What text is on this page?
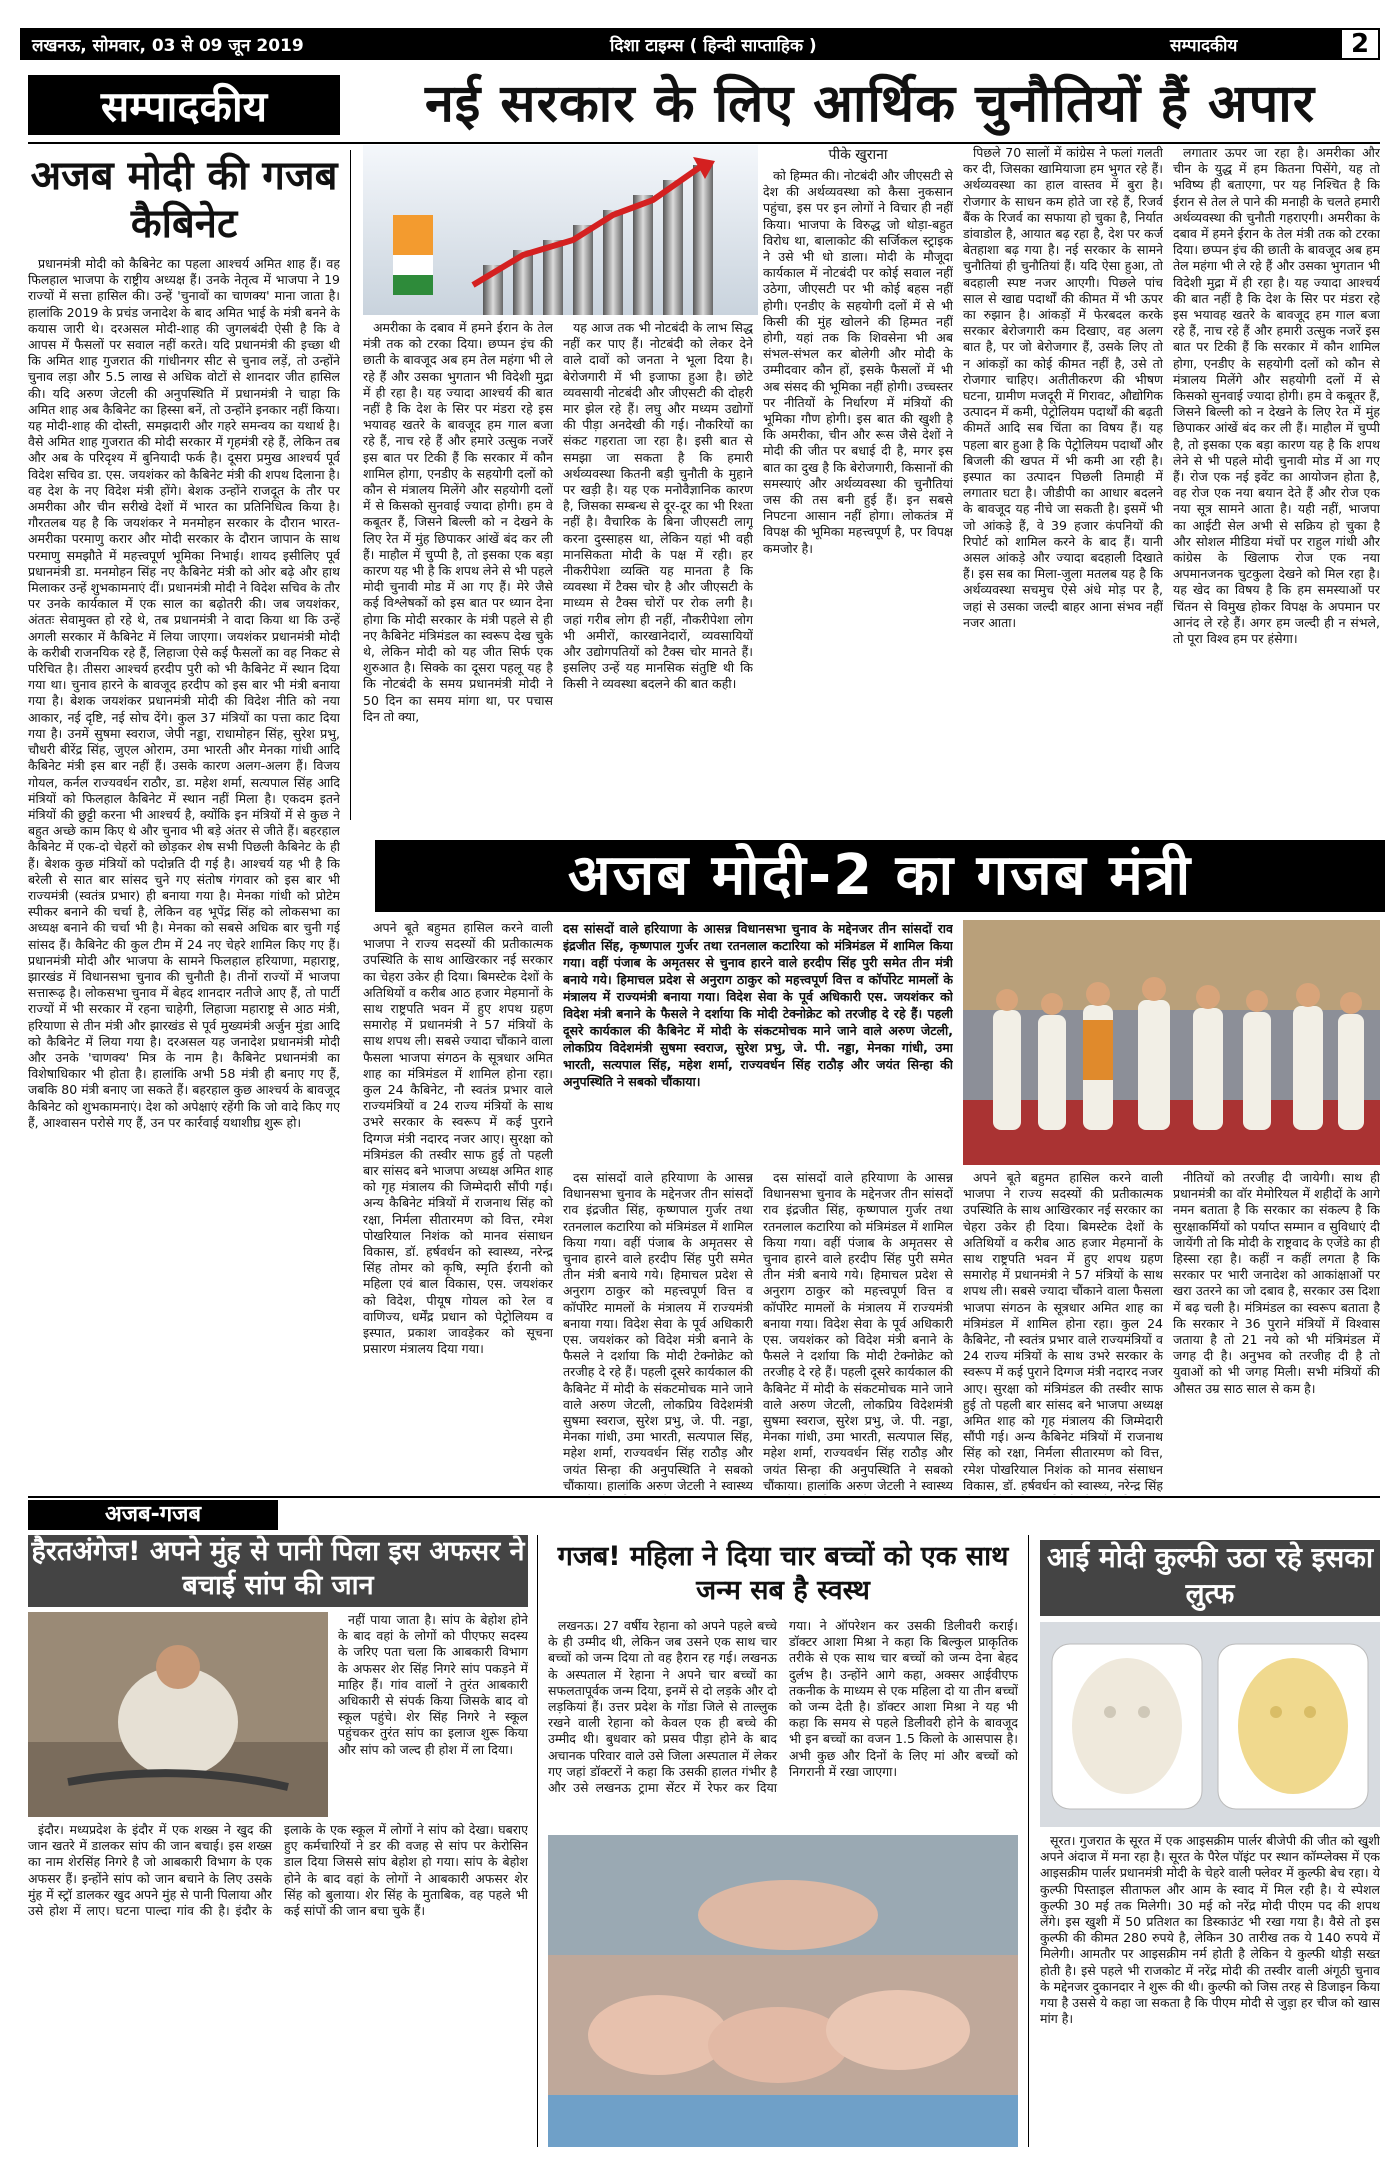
लखनऊ, सोमवार, 03 से 09 जून 2019	दिशा टाइम्स ( हिन्दी साप्ताहिक )	सम्पादकीय	2
सम्पादकीय	नई सरकार के लिए आर्थिक चुनौतियों हैं अपार
अजब मोदी की गजब कैबिनेट

प्रधानमंत्री मोदी को कैबिनेट का पहला आश्चर्य अमित शाह हैं। वह फिलहाल भाजपा के राष्ट्रीय अध्यक्ष हैं। उनके नेतृत्व में भाजपा ने 19 राज्यों में सत्ता हासिल की। उन्हें 'चुनावों का चाणक्य' माना जाता है। हालांकि 2019 के प्रचंड जनादेश के बाद अमित भाई के मंत्री बनने के कयास जारी थे। दरअसल मोदी-शाह की जुगलबंदी ऐसी है कि वे आपस में फैसलों पर सवाल नहीं करते। यदि प्रधानमंत्री की इच्छा थी कि अमित शाह गुजरात की गांधीनगर सीट से चुनाव लड़ें, तो उन्होंने चुनाव लड़ा और 5.5 लाख से अधिक वोटों से शानदार जीत हासिल की। यदि अरुण जेटली की अनुपस्थिति में प्रधानमंत्री ने चाहा कि अमित शाह अब कैबिनेट का हिस्सा बनें, तो उन्होंने इनकार नहीं किया। यह मोदी-शाह की दोस्ती, समझदारी और गहरे समन्वय का यथार्थ है। वैसे अमित शाह गुजरात की मोदी सरकार में गृहमंत्री रहे हैं, लेकिन तब और अब के परिदृश्य में बुनियादी फर्क है। दूसरा प्रमुख आश्चर्य पूर्व विदेश सचिव डा. एस. जयशंकर को कैबिनेट मंत्री की शपथ दिलाना है। वह देश के नए विदेश मंत्री होंगे। बेशक उन्होंने राजदूत के तौर पर अमरीका और चीन सरीखे देशों में भारत का प्रतिनिधित्व किया है। गौरतलब यह है कि जयशंकर ने मनमोहन सरकार के दौरान भारत-अमरीका परमाणु करार और मोदी सरकार के दौरान जापान के साथ परमाणु समझौते में महत्त्वपूर्ण भूमिका निभाई। शायद इसीलिए पूर्व प्रधानमंत्री डा. मनमोहन सिंह नए कैबिनेट मंत्री को ओर बढ़े और हाथ मिलाकर उन्हें शुभकामनाएं दीं। प्रधानमंत्री मोदी ने विदेश सचिव के तौर पर उनके कार्यकाल में एक साल का बढ़ोतरी की। जब जयशंकर, अंततः सेवामुक्त हो रहे थे, तब प्रधानमंत्री ने वादा किया था कि उन्हें अगली सरकार में कैबिनेट में लिया जाएगा। जयशंकर प्रधानमंत्री मोदी के करीबी राजनयिक रहे हैं, लिहाजा ऐसे कई फैसलों का वह निकट से परिचित है। तीसरा आश्चर्य हरदीप पुरी को भी कैबिनेट में स्थान दिया गया था। चुनाव हारने के बावजूद हरदीप को इस बार भी मंत्री बनाया गया है। बेशक जयशंकर प्रधानमंत्री मोदी की विदेश नीति को नया आकार, नई दृष्टि, नई सोच देंगे। कुल 37 मंत्रियों का पत्ता काट दिया गया है। उनमें सुषमा स्वराज, जेपी नड्डा, राधामोहन सिंह, सुरेश प्रभु, चौधरी बीरेंद्र सिंह, जुएल ओराम, उमा भारती और मेनका गांधी आदि कैबिनेट मंत्री इस बार नहीं हैं। उसके कारण अलग-अलग हैं। विजय गोयल, कर्नल राज्यवर्धन राठौर, डा. महेश शर्मा, सत्यपाल सिंह आदि मंत्रियों को फिलहाल कैबिनेट में स्थान नहीं मिला है। एकदम इतने मंत्रियों की छुट्टी करना भी आश्चर्य है, क्योंकि इन मंत्रियों में से कुछ ने बहुत अच्छे काम किए थे और चुनाव भी बड़े अंतर से जीते हैं। बहरहाल कैबिनेट में एक-दो चेहरों को छोड़कर शेष सभी पिछली कैबिनेट के ही हैं। बेशक कुछ मंत्रियों को पदोन्नति दी गई है। आश्चर्य यह भी है कि बरेली से सात बार सांसद चुने गए संतोष गंगवार को इस बार भी राज्यमंत्री (स्वतंत्र प्रभार) ही बनाया गया है। मेनका गांधी को प्रोटेम स्पीकर बनाने की चर्चा है, लेकिन वह भूपेंद्र सिंह को लोकसभा का अध्यक्ष बनाने की चर्चा भी है। मेनका को सबसे अधिक बार चुनी गई सांसद हैं। कैबिनेट की कुल टीम में 24 नए चेहरे शामिल किए गए हैं। प्रधानमंत्री मोदी और भाजपा के सामने फिलहाल हरियाणा, महाराष्ट्र, झारखंड में विधानसभा चुनाव की चुनौती है। तीनों राज्यों में भाजपा सत्तारूढ़ है। लोकसभा चुनाव में बेहद शानदार नतीजे आए हैं, तो पार्टी राज्यों में भी सरकार में रहना चाहेगी, लिहाजा महाराष्ट्र से आठ मंत्री, हरियाणा से तीन मंत्री और झारखंड से पूर्व मुख्यमंत्री अर्जुन मुंडा आदि को कैबिनेट में लिया गया है। दरअसल यह जनादेश प्रधानमंत्री मोदी और उनके 'चाणक्य' मित्र के नाम है। कैबिनेट प्रधानमंत्री का विशेषाधिकार भी होता है। हालांकि अभी 58 मंत्री ही बनाए गए हैं, जबकि 80 मंत्री बनाए जा सकते हैं। बहरहाल कुछ आश्चर्य के बावजूद कैबिनेट को शुभकामनाएं। देश को अपेक्षाएं रहेंगी कि जो वादे किए गए हैं, आश्वासन परोसे गए हैं, उन पर कार्रवाई यथाशीघ्र शुरू हो।

अमरीका के दबाव में हमने ईरान के तेल मंत्री तक को टरका दिया। छप्पन इंच की छाती के बावजूद अब हम तेल महंगा भी ले रहे हैं और उसका भुगतान भी विदेशी मुद्रा में ही रहा है। यह ज्यादा आश्चर्य की बात नहीं है कि देश के सिर पर मंडरा रहे इस भयावह खतरे के बावजूद हम गाल बजा रहे हैं, नाच रहे हैं और हमारे उत्सुक नजरें इस बात पर टिकी हैं कि सरकार में कौन शामिल होगा, एनडीए के सहयोगी दलों को कौन से मंत्रालय मिलेंगे और सहयोगी दलों में से किसको सुनवाई ज्यादा होगी। हम वे कबूतर हैं, जिसने बिल्ली को न देखने के लिए रेत में मुंह छिपाकर आंखें बंद कर ली हैं। माहौल में चुप्पी है, तो इसका एक बड़ा कारण यह भी है कि शपथ लेने से भी पहले मोदी चुनावी मोड में आ गए हैं। मेरे जैसे कई विश्लेषकों को इस बात पर ध्यान देना होगा कि मोदी सरकार के मंत्री पहले से ही नए कैबिनेट मंत्रिमंडल का स्वरूप देख चुके थे, लेकिन मोदी को यह जीत सिर्फ एक शुरुआत है। सिक्के का दूसरा पहलू यह है कि नोटबंदी के समय प्रधानमंत्री मोदी ने 50 दिन का समय मांगा था, पर पचास दिन तो क्या,

यह आज तक भी नोटबंदी के लाभ सिद्ध नहीं कर पाए हैं। नोटबंदी को लेकर देने वाले दावों को जनता ने भूला दिया है। बेरोजगारी में भी इजाफा हुआ है। छोटे व्यवसायी नोटबंदी और जीएसटी की दोहरी मार झेल रहे हैं। लघु और मध्यम उद्योगों की पीड़ा अनदेखी की गई। नौकरियों का संकट गहराता जा रहा है। इसी बात से समझा जा सकता है कि हमारी अर्थव्यवस्था कितनी बड़ी चुनौती के मुहाने पर खड़ी है। यह एक मनोवैज्ञानिक कारण है, जिसका सम्बन्ध से दूर-दूर का भी रिश्ता नहीं है। वैचारिक के बिना जीएसटी लागू करना दुस्साहस था, लेकिन यहां भी वही मानसिकता मोदी के पक्ष में रही। हर नीकरीपेशा व्यक्ति यह मानता है कि व्यवस्था में टैक्स चोर है और जीएसटी के माध्यम से टैक्स चोरों पर रोक लगी है। जहां गरीब लोग ही नहीं, नौकरीपेशा लोग भी अमीरों, कारखानेदारों, व्यवसायियों और उद्योगपतियों को टैक्स चोर मानते हैं। इसलिए उन्हें यह मानसिक संतुष्टि थी कि किसी ने व्यवस्था बदलने की बात कही।

पीके खुराना

को हिम्मत की। नोटबंदी और जीएसटी से देश की अर्थव्यवस्था को कैसा नुकसान पहुंचा, इस पर इन लोगों ने विचार ही नहीं किया। भाजपा के विरुद्ध जो थोड़ा-बहुत विरोध था, बालाकोट की सर्जिकल स्ट्राइक ने उसे भी धो डाला। मोदी के मौजूदा कार्यकाल में नोटबंदी पर कोई सवाल नहीं उठेगा, जीएसटी पर भी कोई बहस नहीं होगी। एनडीए के सहयोगी दलों में से भी किसी की मुंह खोलने की हिम्मत नहीं होगी, यहां तक कि शिवसेना भी अब संभल-संभल कर बोलेगी और मोदी के उम्मीदवार कौन हों, इसके फैसलों में भी अब संसद की भूमिका नहीं होगी। उच्चस्तर पर नीतियों के निर्धारण में मंत्रियों की भूमिका गौण होगी। इस बात की खुशी है कि अमरीका, चीन और रूस जैसे देशों ने मोदी की जीत पर बधाई दी है, मगर इस बात का दुख है कि बेरोजगारी, किसानों की समस्याएं और अर्थव्यवस्था की चुनौतियां जस की तस बनी हुई हैं। इन सबसे निपटना आसान नहीं होगा। लोकतंत्र में विपक्ष की भूमिका महत्त्वपूर्ण है, पर विपक्ष कमजोर है।

पिछले 70 सालों में कांग्रेस ने फलां गलती कर दी, जिसका खामियाजा हम भुगत रहे हैं। अर्थव्यवस्था का हाल वास्तव में बुरा है। रोजगार के साधन कम होते जा रहे हैं, रिजर्व बैंक के रिजर्व का सफाया हो चुका है, निर्यात डांवाडोल है, आयात बढ़ रहा है, देश पर कर्ज बेतहाशा बढ़ गया है। नई सरकार के सामने चुनौतियां ही चुनौतियां हैं। यदि ऐसा हुआ, तो बदहाली स्पष्ट नजर आएगी। पिछले पांच साल से खाद्य पदार्थों की कीमत में भी ऊपर का रुझान है। आंकड़ों में फेरबदल करके सरकार बेरोजगारी कम दिखाए, वह अलग बात है, पर जो बेरोजगार हैं, उसके लिए तो न आंकड़ों का कोई कीमत नहीं है, उसे तो रोजगार चाहिए। अतीतीकरण की भीषण घटना, ग्रामीण मजदूरी में गिरावट, औद्योगिक उत्पादन में कमी, पेट्रोलियम पदार्थों की बढ़ती कीमतें आदि सब चिंता का विषय हैं। यह पहला बार हुआ है कि पेट्रोलियम पदार्थों और बिजली की खपत में भी कमी आ रही है। इस्पात का उत्पादन पिछली तिमाही में लगातार घटा है। जीडीपी का आधार बदलने के बावजूद यह नीचे जा सकती है। इसमें भी जो आंकड़े हैं, वे 39 हजार कंपनियों की रिपोर्ट को शामिल करने के बाद हैं। यानी असल आंकड़े और ज्यादा बदहाली दिखाते हैं। इस सब का मिला-जुला मतलब यह है कि अर्थव्यवस्था सचमुच ऐसे अंधे मोड़ पर है, जहां से उसका जल्दी बाहर आना संभव नहीं नजर आता।

लगातार ऊपर जा रहा है। अमरीका और चीन के युद्ध में हम कितना पिसेंगे, यह तो भविष्य ही बताएगा, पर यह निश्चित है कि ईरान से तेल ले पाने की मनाही के चलते हमारी अर्थव्यवस्था की चुनौती गहराएगी। अमरीका के दबाव में हमने ईरान के तेल मंत्री तक को टरका दिया। छप्पन इंच की छाती के बावजूद अब हम तेल महंगा भी ले रहे हैं और उसका भुगतान भी विदेशी मुद्रा में ही रहा है। यह ज्यादा आश्चर्य की बात नहीं है कि देश के सिर पर मंडरा रहे इस भयावह खतरे के बावजूद हम गाल बजा रहे हैं, नाच रहे हैं और हमारी उत्सुक नजरें इस बात पर टिकी हैं कि सरकार में कौन शामिल होगा, एनडीए के सहयोगी दलों को कौन से मंत्रालय मिलेंगे और सहयोगी दलों में से किसको सुनवाई ज्यादा होगी। हम वे कबूतर हैं, जिसने बिल्ली को न देखने के लिए रेत में मुंह छिपाकर आंखें बंद कर ली हैं। माहौल में चुप्पी है, तो इसका एक बड़ा कारण यह है कि शपथ लेने से भी पहले मोदी चुनावी मोड में आ गए हैं। रोज एक नई इवेंट का आयोजन होता है, वह रोज एक नया बयान देते हैं और रोज एक नया सूत्र सामने आता है। यही नहीं, भाजपा का आईटी सेल अभी से सक्रिय हो चुका है और सोशल मीडिया मंचों पर राहुल गांधी और कांग्रेस के खिलाफ रोज एक नया अपमानजनक चुटकुला देखने को मिल रहा है। यह खेद का विषय है कि हम समस्याओं पर चिंतन से विमुख होकर विपक्ष के अपमान पर आनंद ले रहे हैं। अगर हम जल्दी ही न संभले, तो पूरा विश्व हम पर हंसेगा।

अजब मोदी-2 का गजब मंत्री

अपने बूते बहुमत हासिल करने वाली भाजपा ने राज्य सदस्यों की प्रतीकात्मक उपस्थिति के साथ आखिरकार नई सरकार का चेहरा उकेर ही दिया। बिमस्टेक देशों के अतिथियों व करीब आठ हजार मेहमानों के साथ राष्ट्रपति भवन में हुए शपथ ग्रहण समारोह में प्रधानमंत्री ने 57 मंत्रियों के साथ शपथ ली। सबसे ज्यादा चौंकाने वाला फैसला भाजपा संगठन के सूत्रधार अमित शाह का मंत्रिमंडल में शामिल होना रहा। कुल 24 कैबिनेट, नौ स्वतंत्र प्रभार वाले राज्यमंत्रियों व 24 राज्य मंत्रियों के साथ उभरे सरकार के स्वरूप में कई पुराने दिग्गज मंत्री नदारद नजर आए। सुरक्षा को मंत्रिमंडल की तस्वीर साफ हुई तो पहली बार सांसद बने भाजपा अध्यक्ष अमित शाह को गृह मंत्रालय की जिम्मेदारी सौंपी गई। अन्य कैबिनेट मंत्रियों में राजनाथ सिंह को रक्षा, निर्मला सीतारमण को वित्त, रमेश पोखरियाल निशंक को मानव संसाधन विकास, डॉ. हर्षवर्धन को स्वास्थ्य, नरेन्द्र सिंह तोमर को कृषि, स्मृति ईरानी को महिला एवं बाल विकास, एस. जयशंकर को विदेश, पीयूष गोयल को रेल व वाणिज्य, धर्मेंद्र प्रधान को पेट्रोलियम व इस्पात, प्रकाश जावड़ेकर को सूचना प्रसारण मंत्रालय दिया गया।

दस सांसदों वाले हरियाणा के आसन्न विधानसभा चुनाव के मद्देनजर तीन सांसदों राव इंद्रजीत सिंह, कृष्णपाल गुर्जर तथा रतनलाल कटारिया को मंत्रिमंडल में शामिल किया गया। वहीं पंजाब के अमृतसर से चुनाव हारने वाले हरदीप सिंह पुरी समेत तीन मंत्री बनाये गये। हिमाचल प्रदेश से अनुराग ठाकुर को महत्त्वपूर्ण वित्त व कॉर्पोरेट मामलों के मंत्रालय में राज्यमंत्री बनाया गया। विदेश सेवा के पूर्व अधिकारी एस. जयशंकर को विदेश मंत्री बनाने के फैसले ने दर्शाया कि मोदी टेक्नोक्रेट को तरजीह दे रहे हैं। पहली दूसरे कार्यकाल की कैबिनेट में मोदी के संकटमोचक माने जाने वाले अरुण जेटली, लोकप्रिय विदेशमंत्री सुषमा स्वराज, सुरेश प्रभु, जे. पी. नड्डा, मेनका गांधी, उमा भारती, सत्यपाल सिंह, महेश शर्मा, राज्यवर्धन सिंह राठौड़ और जयंत सिन्हा की अनुपस्थिति ने सबको चौंकाया।

दस सांसदों वाले हरियाणा के आसन्न विधानसभा चुनाव के मद्देनजर तीन सांसदों राव इंद्रजीत सिंह, कृष्णपाल गुर्जर तथा रतनलाल कटारिया को मंत्रिमंडल में शामिल किया गया। वहीं पंजाब के अमृतसर से चुनाव हारने वाले हरदीप सिंह पुरी समेत तीन मंत्री बनाये गये। हिमाचल प्रदेश से अनुराग ठाकुर को महत्त्वपूर्ण वित्त व कॉर्पोरेट मामलों के मंत्रालय में राज्यमंत्री बनाया गया। विदेश सेवा के पूर्व अधिकारी एस. जयशंकर को विदेश मंत्री बनाने के फैसले ने दर्शाया कि मोदी टेक्नोक्रेट को तरजीह दे रहे हैं। पहली दूसरे कार्यकाल की कैबिनेट में मोदी के संकटमोचक माने जाने वाले अरुण जेटली, लोकप्रिय विदेशमंत्री सुषमा स्वराज, सुरेश प्रभु, जे. पी. नड्डा, मेनका गांधी, उमा भारती, सत्यपाल सिंह, महेश शर्मा, राज्यवर्धन सिंह राठौड़ और जयंत सिन्हा की अनुपस्थिति ने सबको चौंकाया। हालांकि अरुण जेटली ने स्वास्थ्य

दस सांसदों वाले हरियाणा के आसन्न विधानसभा चुनाव के मद्देनजर तीन सांसदों राव इंद्रजीत सिंह, कृष्णपाल गुर्जर तथा रतनलाल कटारिया को मंत्रिमंडल में शामिल किया गया। वहीं पंजाब के अमृतसर से चुनाव हारने वाले हरदीप सिंह पुरी समेत तीन मंत्री बनाये गये। हिमाचल प्रदेश से अनुराग ठाकुर को महत्त्वपूर्ण वित्त व कॉर्पोरेट मामलों के मंत्रालय में राज्यमंत्री बनाया गया। विदेश सेवा के पूर्व अधिकारी एस. जयशंकर को विदेश मंत्री बनाने के फैसले ने दर्शाया कि मोदी टेक्नोक्रेट को तरजीह दे रहे हैं। पहली दूसरे कार्यकाल की कैबिनेट में मोदी के संकटमोचक माने जाने वाले अरुण जेटली, लोकप्रिय विदेशमंत्री सुषमा स्वराज, सुरेश प्रभु, जे. पी. नड्डा, मेनका गांधी, उमा भारती, सत्यपाल सिंह, महेश शर्मा, राज्यवर्धन सिंह राठौड़ और जयंत सिन्हा की अनुपस्थिति ने सबको चौंकाया। हालांकि अरुण जेटली ने स्वास्थ्य

अपने बूते बहुमत हासिल करने वाली भाजपा ने राज्य सदस्यों की प्रतीकात्मक उपस्थिति के साथ आखिरकार नई सरकार का चेहरा उकेर ही दिया। बिमस्टेक देशों के अतिथियों व करीब आठ हजार मेहमानों के साथ राष्ट्रपति भवन में हुए शपथ ग्रहण समारोह में प्रधानमंत्री ने 57 मंत्रियों के साथ शपथ ली। सबसे ज्यादा चौंकाने वाला फैसला भाजपा संगठन के सूत्रधार अमित शाह का मंत्रिमंडल में शामिल होना रहा। कुल 24 कैबिनेट, नौ स्वतंत्र प्रभार वाले राज्यमंत्रियों व 24 राज्य मंत्रियों के साथ उभरे सरकार के स्वरूप में कई पुराने दिग्गज मंत्री नदारद नजर आए। सुरक्षा को मंत्रिमंडल की तस्वीर साफ हुई तो पहली बार सांसद बने भाजपा अध्यक्ष अमित शाह को गृह मंत्रालय की जिम्मेदारी सौंपी गई। अन्य कैबिनेट मंत्रियों में राजनाथ सिंह को रक्षा, निर्मला सीतारमण को वित्त, रमेश पोखरियाल निशंक को मानव संसाधन विकास, डॉ. हर्षवर्धन को स्वास्थ्य, नरेन्द्र सिंह

नीतियों को तरजीह दी जायेगी। साथ ही प्रधानमंत्री का वॉर मेमोरियल में शहीदों के आगे नमन बताता है कि सरकार का संकल्प है कि सुरक्षाकर्मियों को पर्याप्त सम्मान व सुविधाएं दी जायेंगी तो कि मोदी के राष्ट्रवाद के एजेंडे का ही हिस्सा रहा है। कहीं न कहीं लगता है कि सरकार पर भारी जनादेश को आकांक्षाओं पर खरा उतरने का जो दबाव है, सरकार उस दिशा में बढ़ चली है। मंत्रिमंडल का स्वरूप बताता है कि सरकार ने 36 पुराने मंत्रियों में विश्वास जताया है तो 21 नये को भी मंत्रिमंडल में जगह दी है। अनुभव को तरजीह दी है तो युवाओं को भी जगह मिली। सभी मंत्रियों की औसत उम्र साठ साल से कम है।

अजब-गजब
हैरतअंगेज! अपने मुंह से पानी पिला इस अफसर ने बचाई सांप की जान

नहीं पाया जाता है। सांप के बेहोश होने के बाद वहां के लोगों को पीएफए सदस्य के जरिए पता चला कि आबकारी विभाग के अफसर शेर सिंह निगरे सांप पकड़ने में माहिर हैं। गांव वालों ने तुरंत आबकारी अधिकारी से संपर्क किया जिसके बाद वो स्कूल पहुंचे। शेर सिंह निगरे ने स्कूल पहुंचकर तुरंत सांप का इलाज शुरू किया और सांप को जल्द ही होश में ला दिया।

इंदौर। मध्यप्रदेश के इंदौर में एक शख्स ने खुद की जान खतरे में डालकर सांप की जान बचाई। इस शख्स का नाम शेरसिंह निगरे है जो आबकारी विभाग के एक अफसर हैं। इन्होंने सांप को जान बचाने के लिए उसके मुंह में स्ट्रॉ डालकर खुद अपने मुंह से पानी पिलाया और उसे होश में लाए। घटना पाल्दा गांव की है। इंदौर के इलाके के एक स्कूल में लोगों ने सांप को देखा। घबराए हुए कर्मचारियों ने डर की वजह से सांप पर केरोसिन डाल दिया जिससे सांप बेहोश हो गया। सांप के बेहोश होने के बाद वहां के लोगों ने आबकारी अफसर शेर सिंह को बुलाया। शेर सिंह के मुताबिक, वह पहले भी कई सांपों की जान बचा चुके हैं।

गजब! महिला ने दिया चार बच्चों को एक साथ जन्म सब है स्वस्थ

लखनऊ। 27 वर्षीय रेहाना को अपने पहले बच्चे के ही उम्मीद थी, लेकिन जब उसने एक साथ चार बच्चों को जन्म दिया तो वह हैरान रह गई। लखनऊ के अस्पताल में रेहाना ने अपने चार बच्चों का सफलतापूर्वक जन्म दिया, इनमें से दो लड़के और दो लड़कियां हैं। उत्तर प्रदेश के गोंडा जिले से ताल्लुक रखने वाली रेहाना को केवल एक ही बच्चे की उम्मीद थी। बुधवार को प्रसव पीड़ा होने के बाद अचानक परिवार वाले उसे जिला अस्पताल में लेकर गए जहां डॉक्टरों ने कहा कि उसकी हालत गंभीर है और उसे लखनऊ ट्रामा सेंटर में रेफर कर दिया गया। ने ऑपरेशन कर उसकी डिलीवरी कराई। डॉक्टर आशा मिश्रा ने कहा कि बिल्कुल प्राकृतिक तरीके से एक साथ चार बच्चों को जन्म देना बेहद दुर्लभ है। उन्होंने आगे कहा, अक्सर आईवीएफ तकनीक के माध्यम से एक महिला दो या तीन बच्चों को जन्म देती है। डॉक्टर आशा मिश्रा ने यह भी कहा कि समय से पहले डिलीवरी होने के बावजूद भी इन बच्चों का वजन 1.5 किलो के आसपास है। अभी कुछ और दिनों के लिए मां और बच्चों को निगरानी में रखा जाएगा।

आई मोदी कुल्फी उठा रहे इसका लुत्फ

सूरत। गुजरात के सूरत में एक आइसक्रीम पार्लर बीजेपी की जीत को खुशी अपने अंदाज में मना रहा है। सूरत के पैरेल पॉइंट पर स्थान कॉम्प्लेक्स में एक आइसक्रीम पार्लर प्रधानमंत्री मोदी के चेहरे वाली फ्लेवर में कुल्फी बेच रहा। ये कुल्फी पिस्ताइल सीताफल और आम के स्वाद में मिल रही है। ये स्पेशल कुल्फी 30 मई तक मिलेगी। 30 मई को नरेंद्र मोदी पीएम पद की शपथ लेंगे। इस खुशी में 50 प्रतिशत का डिस्काउंट भी रखा गया है। वैसे तो इस कुल्फी की कीमत 280 रुपये है, लेकिन 30 तारीख तक ये 140 रुपये में मिलेगी। आमतौर पर आइसक्रीम नर्म होती है लेकिन ये कुल्फी थोड़ी सख्त होती है। इसे पहले भी राजकोट में नरेंद्र मोदी की तस्वीर वाली अंगूठी चुनाव के मद्देनजर दुकानदार ने शुरू की थी। कुल्फी को जिस तरह से डिजाइन किया गया है उससे ये कहा जा सकता है कि पीएम मोदी से जुड़ा हर चीज को खास मांग है।
